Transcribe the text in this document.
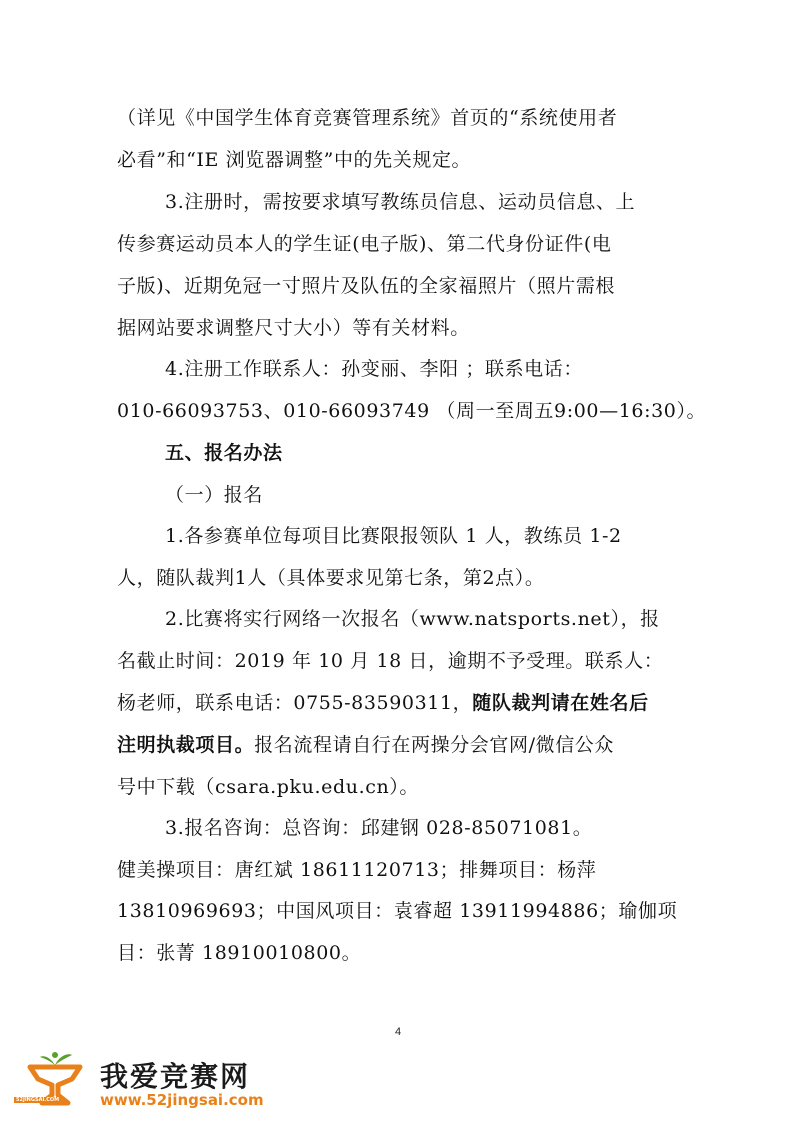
（详见《中国学生体育竞赛管理系统》首页的“系统使用者
必看”和“IE 浏览器调整”中的先关规定。
3.注册时，需按要求填写教练员信息、运动员信息、上
传参赛运动员本人的学生证(电子版)、第二代身份证件(电
子版)、近期免冠一寸照片及队伍的全家福照片（照片需根
据网站要求调整尺寸大小）等有关材料。
4.注册工作联系人：孙变丽、李阳 ；联系电话：
010-66093753、010-66093749 （周一至周五9:00—16:30）。
五、报名办法
（一）报名
1.各参赛单位每项目比赛限报领队 1 人，教练员 1-2
人，随队裁判1人（具体要求见第七条，第2点）。
2.比赛将实行网络一次报名（www.natsports.net），报
名截止时间：2019 年 10 月 18 日，逾期不予受理。联系人：
杨老师，联系电话：0755-83590311，随队裁判请在姓名后
注明执裁项目。报名流程请自行在两操分会官网/微信公众
号中下载（csara.pku.edu.cn）。
3.报名咨询：总咨询：邱建钢 028-85071081。
健美操项目：唐红斌 18611120713；排舞项目：杨萍
13810969693；中国风项目：袁睿超 13911994886；瑜伽项
目：张菁 18910010800。
4
52JINGSAI.COM
我爱竞赛网
www.52jingsai.com
